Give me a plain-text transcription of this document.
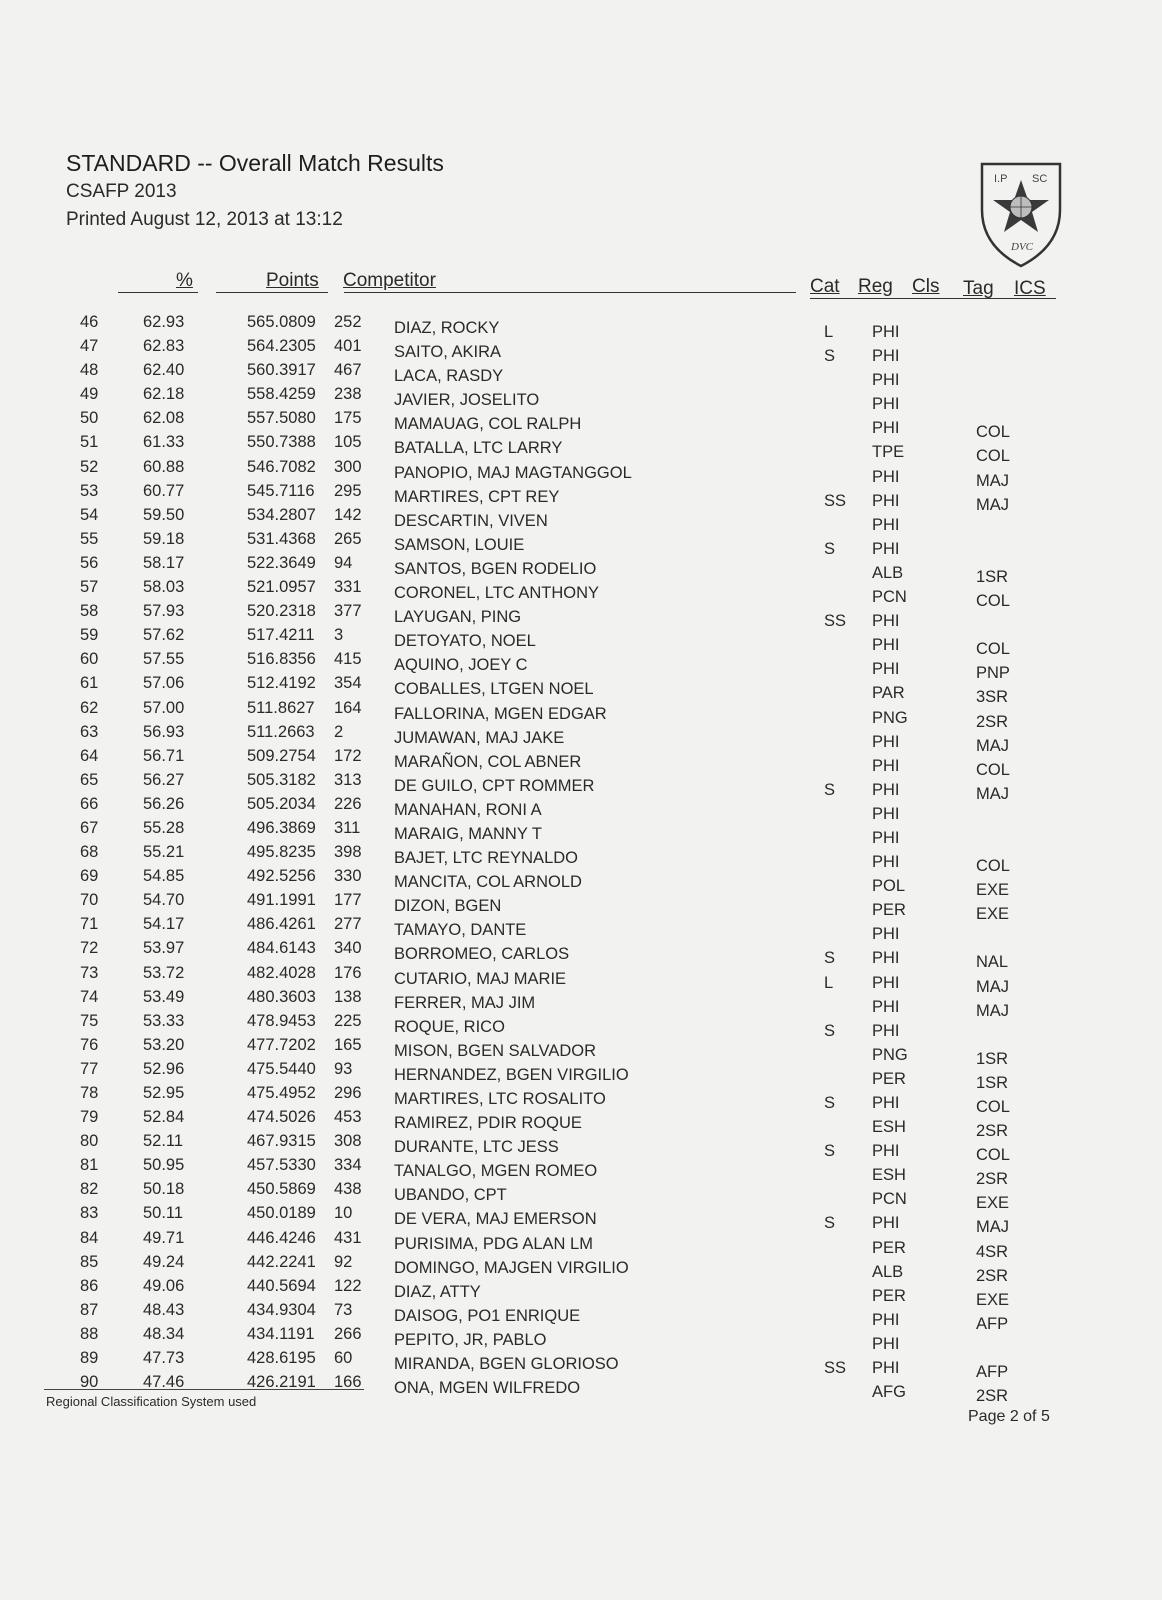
STANDARD -- Overall Match Results
CSAFP 2013
Printed August 12, 2013 at 13:12
I.P SC
DVC
%	Points Competitor	Cat Reg Cls Tag ICS
46	62.93	565.0809 252 DIAZ, ROCKY	L PHI
47	62.83	564.2305 401 SAITO, AKIRA	S PHI
48	62.40	560.3917 467 LACA, RASDY	PHI
49	62.18	558.4259 238 JAVIER, JOSELITO	PHI
50	62.08	557.5080 175 MAMAUAG, COL RALPH	PHI	COL
51	61.33	550.7388 105 BATALLA, LTC LARRY	TPE	COL
52	60.88	546.7082 300 PANOPIO, MAJ MAGTANGGOL	PHI	MAJ
53	60.77	545.7116 295 MARTIRES, CPT REY	SS PHI	MAJ
54	59.50	534.2807 142 DESCARTIN, VIVEN	PHI
55	59.18	531.4368 265 SAMSON, LOUIE	S PHI
56	58.17	522.3649 94	SANTOS, BGEN RODELIO	ALB	1SR
57	58.03	521.0957 331 CORONEL, LTC ANTHONY	PCN	COL
58	57.93	520.2318 377 LAYUGAN, PING	SS PHI
59	57.62	517.4211 3	DETOYATO, NOEL	PHI	COL
60	57.55	516.8356 415 AQUINO, JOEY C	PHI	PNP
61	57.06	512.4192 354 COBALLES, LTGEN NOEL	PAR	3SR
62	57.00	511.8627 164 FALLORINA, MGEN EDGAR	PNG	2SR
63	56.93	511.2663 2	JUMAWAN, MAJ JAKE	PHI	MAJ
64	56.71	509.2754 172 MARAÑON, COL ABNER	PHI	COL
65	56.27	505.3182 313 DE GUILO, CPT ROMMER	S PHI	MAJ
66	56.26	505.2034 226 MANAHAN, RONI A	PHI
67	55.28	496.3869 311 MARAIG, MANNY T	PHI
68	55.21	495.8235 398 BAJET, LTC REYNALDO	PHI	COL
69	54.85	492.5256 330 MANCITA, COL ARNOLD	POL	EXE
70	54.70	491.1991 177 DIZON, BGEN	PER	EXE
71	54.17	486.4261 277 TAMAYO, DANTE	PHI
72	53.97	484.6143 340 BORROMEO, CARLOS	S PHI	NAL
73	53.72	482.4028 176 CUTARIO, MAJ MARIE	L PHI	MAJ
74	53.49	480.3603 138 FERRER, MAJ JIM	PHI	MAJ
75	53.33	478.9453 225 ROQUE, RICO	S PHI
76	53.20	477.7202 165 MISON, BGEN SALVADOR	PNG	1SR
77	52.96	475.5440 93	HERNANDEZ, BGEN VIRGILIO	PER	1SR
78	52.95	475.4952 296 MARTIRES, LTC ROSALITO	S PHI	COL
79	52.84	474.5026 453 RAMIREZ, PDIR ROQUE	ESH	2SR
80	52.11	467.9315 308 DURANTE, LTC JESS	S PHI	COL
81	50.95	457.5330 334 TANALGO, MGEN ROMEO	ESH	2SR
82	50.18	450.5869 438 UBANDO, CPT	PCN	EXE
83	50.11	450.0189 10	DE VERA, MAJ EMERSON	S PHI	MAJ
84	49.71	446.4246 431 PURISIMA, PDG ALAN LM	PER	4SR
85	49.24	442.2241 92	DOMINGO, MAJGEN VIRGILIO	ALB	2SR
86	49.06	440.5694 122 DIAZ, ATTY	PER	EXE
87	48.43	434.9304 73	DAISOG, PO1 ENRIQUE	PHI	AFP
88	48.34	434.1191 266 PEPITO, JR, PABLO	PHI
89	47.73	428.6195 60	MIRANDA, BGEN GLORIOSO	SS PHI	AFP
90	47.46	426.2191 166 ONA, MGEN WILFREDO	AFG	2SR
Regional Classification System used
Page 2 of 5
